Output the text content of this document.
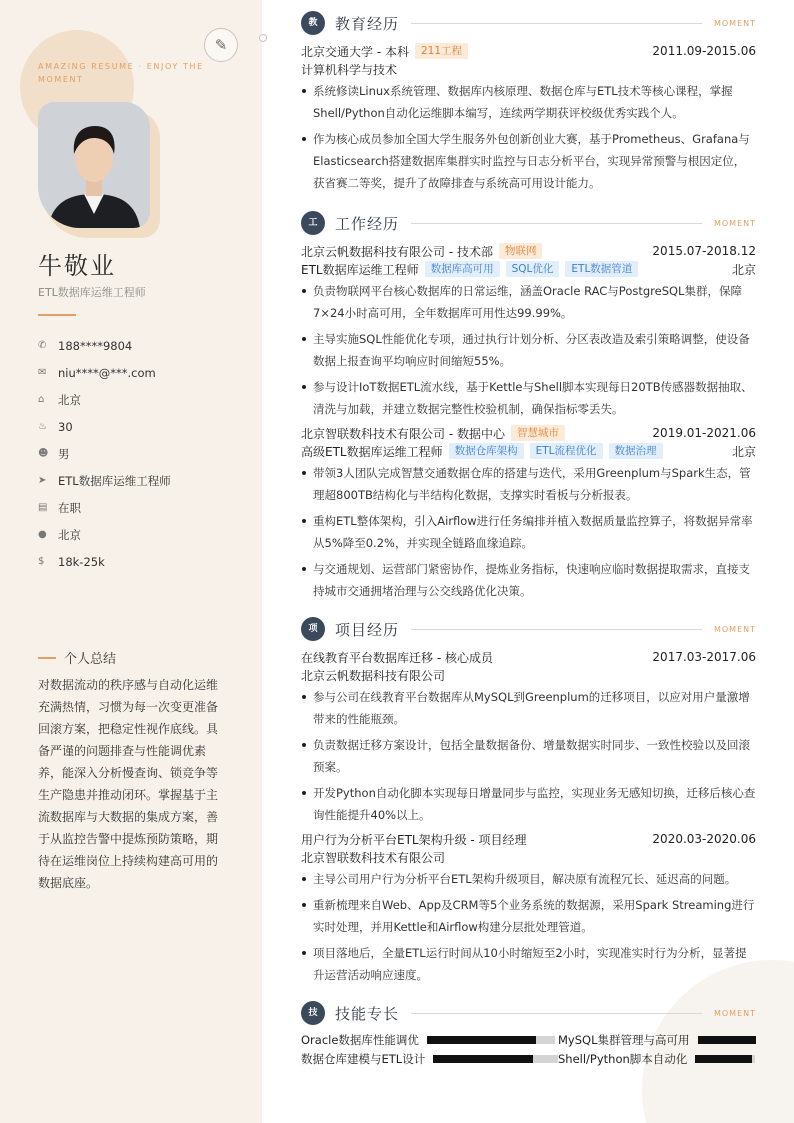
✎
AMAZING RESUME · ENJOY THE MOMENT
牛敬业
ETL数据库运维工程师
✆	188****9804
✉	niu****@***.com
⌂	北京
♨ 30
☻ 男
➤	ETL数据库运维工程师
▤ 在职
● 北京
$	18k-25k
个人总结
对数据流动的秩序感与自动化运维充满热情，习惯为每一次变更准备回滚方案，把稳定性视作底线。具备严谨的问题排查与性能调优素养，能深入分析慢查询、锁竞争等生产隐患并推动闭环。掌握基于主流数据库与大数据的集成方案，善于从监控告警中提炼预防策略，期待在运维岗位上持续构建高可用的数据底座。
教	教育经历	MOMENT
北京交通大学 - 本科	211工程	2011.09-2015.06
计算机科学与技术
系统修读Linux系统管理、数据库内核原理、数据仓库与ETL技术等核心课程，掌握Shell/Python自动化运维脚本编写，连续两学期获评校级优秀实践个人。
作为核心成员参加全国大学生服务外包创新创业大赛，基于Prometheus、Grafana与Elasticsearch搭建数据库集群实时监控与日志分析平台，实现异常预警与根因定位，获省赛二等奖，提升了故障排查与系统高可用设计能力。
工	工作经历	MOMENT
北京云帆数据科技有限公司 - 技术部	物联网	2015.07-2018.12
ETL数据库运维工程师	数据库高可用	SQL优化	ETL数据管道	北京
负责物联网平台核心数据库的日常运维，涵盖Oracle RAC与PostgreSQL集群，保障7×24小时高可用，全年数据库可用性达99.99%。
主导实施SQL性能优化专项，通过执行计划分析、分区表改造及索引策略调整，使设备数据上报查询平均响应时间缩短55%。
参与设计IoT数据ETL流水线，基于Kettle与Shell脚本实现每日20TB传感器数据抽取、清洗与加载，并建立数据完整性校验机制，确保指标零丢失。
北京智联数科技术有限公司 - 数据中心	智慧城市	2019.01-2021.06
高级ETL数据库运维工程师	数据仓库架构	ETL流程优化	数据治理	北京
带领3人团队完成智慧交通数据仓库的搭建与迭代，采用Greenplum与Spark生态，管理超800TB结构化与半结构化数据，支撑实时看板与分析报表。
重构ETL整体架构，引入Airflow进行任务编排并植入数据质量监控算子，将数据异常率从5%降至0.2%，并实现全链路血缘追踪。
与交通规划、运营部门紧密协作，提炼业务指标，快速响应临时数据提取需求，直接支持城市交通拥堵治理与公交线路优化决策。
项	项目经历	MOMENT
在线教育平台数据库迁移 - 核心成员	2017.03-2017.06
北京云帆数据科技有限公司
参与公司在线教育平台数据库从MySQL到Greenplum的迁移项目，以应对用户量激增带来的性能瓶颈。
负责数据迁移方案设计，包括全量数据备份、增量数据实时同步、一致性校验以及回滚预案。
开发Python自动化脚本实现每日增量同步与监控，实现业务无感知切换，迁移后核心查询性能提升40%以上。
用户行为分析平台ETL架构升级 - 项目经理	2020.03-2020.06
北京智联数科技术有限公司
主导公司用户行为分析平台ETL架构升级项目，解决原有流程冗长、延迟高的问题。
重新梳理来自Web、App及CRM等5个业务系统的数据源，采用Spark Streaming进行实时处理，并用Kettle和Airflow构建分层批处理管道。
项目落地后，全量ETL运行时间从10小时缩短至2小时，实现准实时行为分析，显著提升运营活动响应速度。
技	技能专长	MOMENT
Oracle数据库性能调优	MySQL集群管理与高可用
数据仓库建模与ETL设计	Shell/Python脚本自动化
